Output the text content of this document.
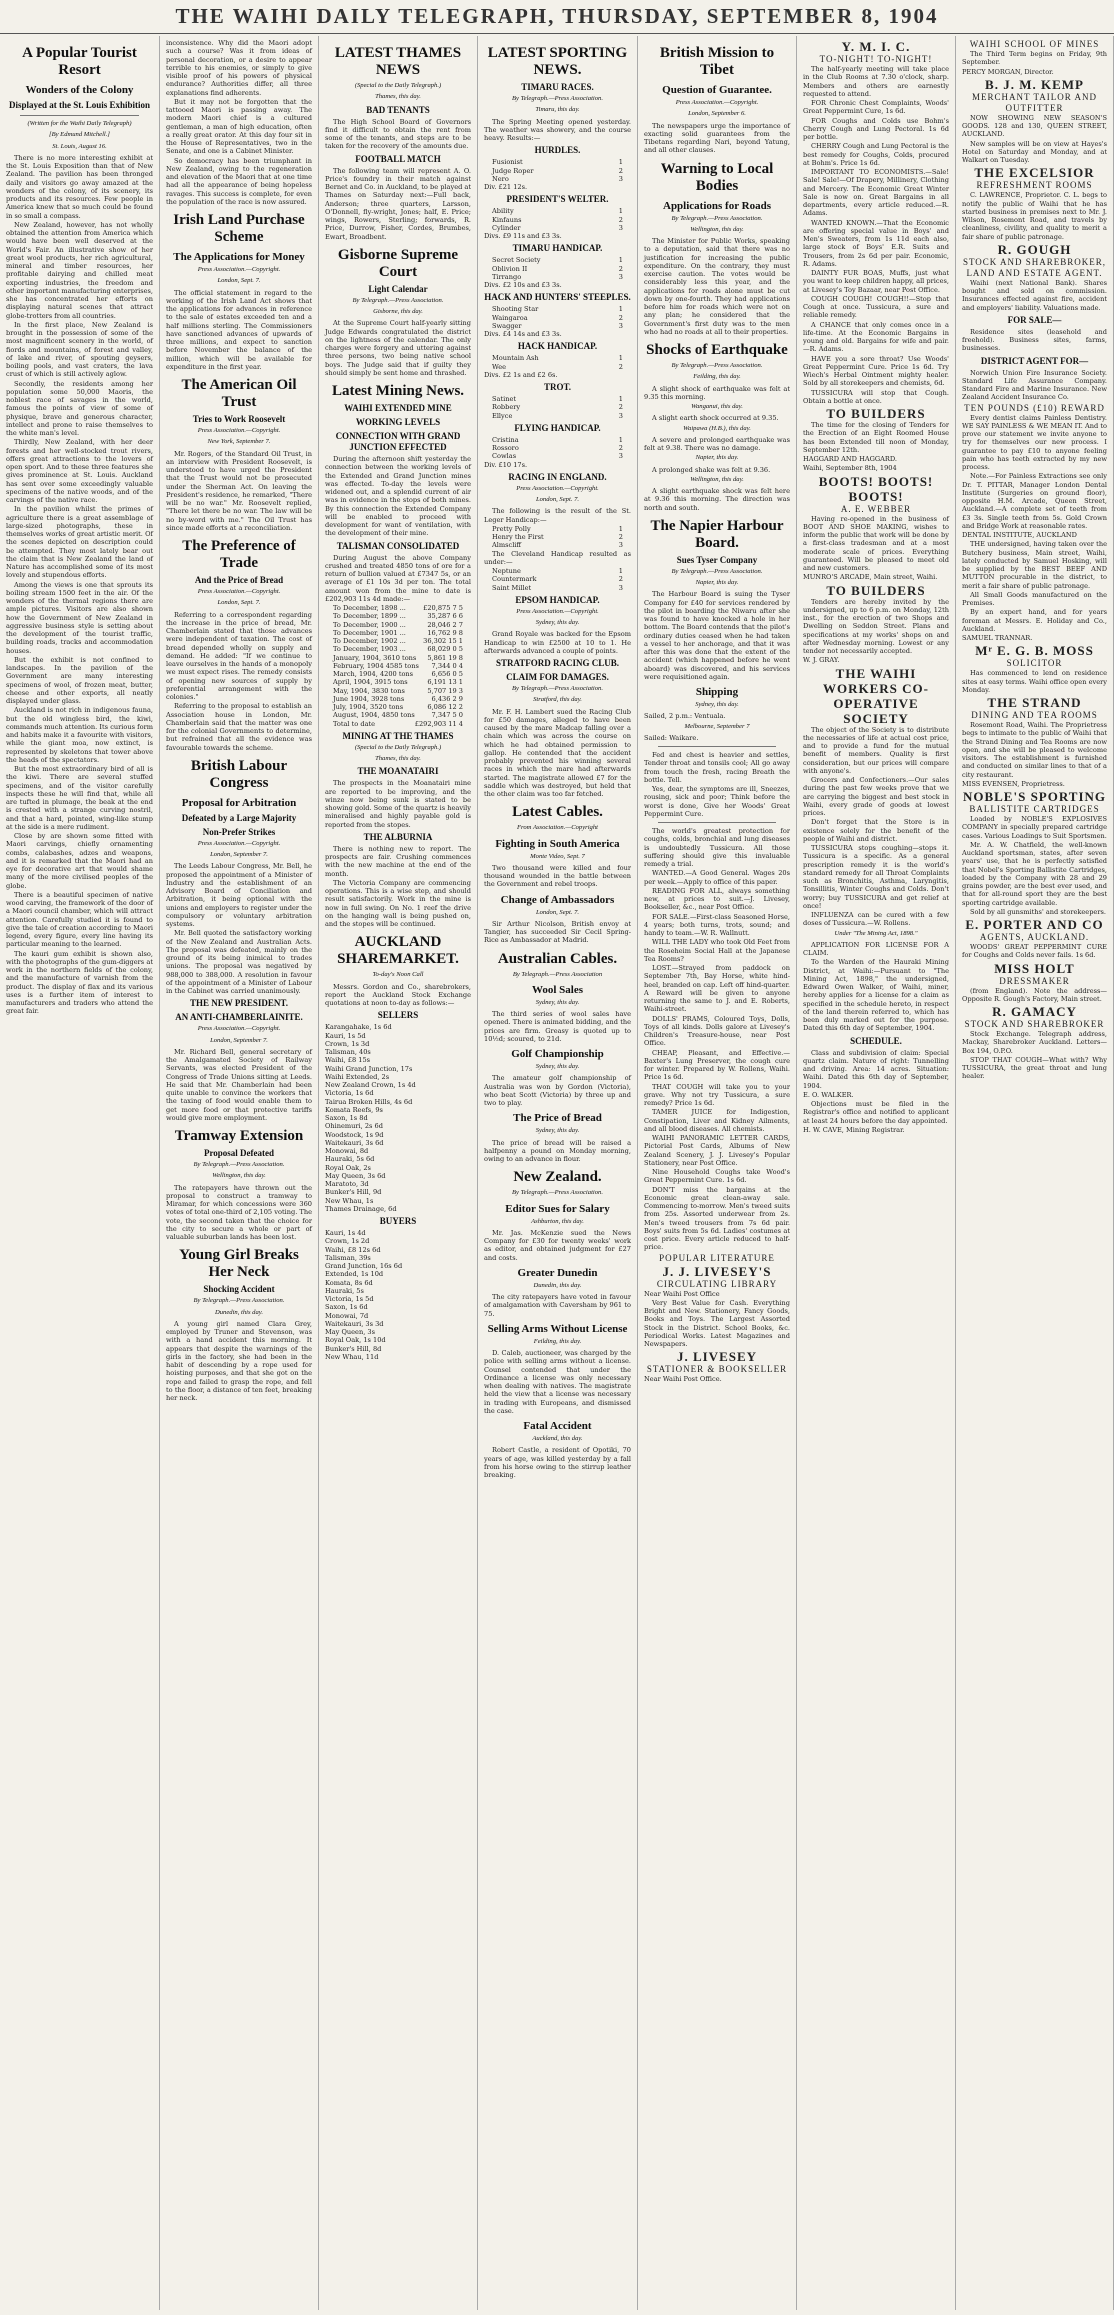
THE WAIHI DAILY TELEGRAPH, THURSDAY, SEPTEMBER 8, 1904
A Popular Tourist Resort
Wonders of the Colony
Displayed at the St. Louis Exhibition
(Written for the Waihi Daily Telegraph)
[By Edmund Mitchell.]
St. Louis, August 16.
There is no more interesting exhibit at the St. Louis Exposition than that of New Zealand. The pavilion has been thronged daily and visitors go away amazed at the wonders of the colony, of its scenery, its products and its resources. Few people in America knew that so much could be found in so small a compass.
New Zealand, however, has not wholly obtained the attention from America which would have been well deserved at the World's Fair. An illustrative show of her great wool products, her rich agricultural, mineral and timber resources, her profitable dairying and chilled meat exporting industries, the freedom and other important manufacturing enterprises, she has concentrated her efforts on displaying natural scenes that attract globe-trotters from all countries.
In the first place, New Zealand is brought in the possession of some of the most magnificent scenery in the world, of fiords and mountains, of forest and valley, of lake and river, of spouting geysers, boiling pools, and vast craters, the lava crust of which is still actively aglow.
Secondly, the residents among her population some 50,000 Maoris, the noblest race of savages in the world, famous the points of view of some of physique, brave and generous character, intellect and prone to raise themselves to the white man's level.
Thirdly, New Zealand, with her deer forests and her well-stocked trout rivers, offers great attractions to the lovers of open sport. And to these three features she gives prominence at St. Louis. Auckland has sent over some exceedingly valuable specimens of the native woods, and of the carvings of the native race.
In the pavilion whilst the primes of agriculture there is a great assemblage of large-sized photographs, these in themselves works of great artistic merit. Of the scenes depicted on description could be attempted. They most lately bear out the claim that is New Zealand the land of Nature has accomplished some of its most lovely and stupendous efforts.
Among the views is one that sprouts its boiling stream 1500 feet in the air. Of the wonders of the thermal regions there are ample pictures. Visitors are also shown how the Government of New Zealand in aggressive business style is setting about the development of the tourist traffic, building roads, tracks and accommodation houses.
But the exhibit is not confined to landscapes. In the pavilion of the Government are many interesting specimens of wool, of frozen meat, butter, cheese and other exports, all neatly displayed under glass.
Auckland is not rich in indigenous fauna, but the old wingless bird, the kiwi, commands much attention. Its curious form and habits make it a favourite with visitors, while the giant moa, now extinct, is represented by skeletons that tower above the heads of the spectators.
But the most extraordinary bird of all is the kiwi. There are several stuffed specimens, and of the visitor carefully inspects these he will find that, while all are tufted in plumage, the beak at the end is crested with a strange curving nostril, and that a hard, pointed, wing-like stump at the side is a mere rudiment.
Close by are shown some fitted with Maori carvings, chiefly ornamenting combs, calabashes, adzes and weapons, and it is remarked that the Maori had an eye for decorative art that would shame many of the more civilised peoples of the globe.
There is a beautiful specimen of native wood carving, the framework of the door of a Maori council chamber, which will attract attention. Carefully studied it is found to give the tale of creation according to Maori legend, every figure, every line having its particular meaning to the learned.
The kauri gum exhibit is shown also, with the photographs of the gum-diggers at work in the northern fields of the colony, and the manufacture of varnish from the product. The display of flax and its various uses is a further item of interest to manufacturers and traders who attend the great fair.
inconsistence. Why did the Maori adopt such a course? Was it from ideas of personal decoration, or a desire to appear terrible to his enemies, or simply to give visible proof of his powers of physical endurance? Authorities differ, all three explanations find adherents.
But it may not be forgotten that the tattooed Maori is passing away. The modern Maori chief is a cultured gentleman, a man of high education, often a really great orator. At this day four sit in the House of Representatives, two in the Senate, and one is a Cabinet Minister.
So democracy has been triumphant in New Zealand, owing to the regeneration and elevation of the Maori that at one time had all the appearance of being hopeless ravages. This success is complete, for even the population of the race is now assured.
Irish Land Purchase Scheme
The Applications for Money
Press Association.—Copyright.
London, Sept. 7.
The official statement in regard to the working of the Irish Land Act shows that the applications for advances in reference to the sale of estates exceeded ten and a half millions sterling. The Commissioners have sanctioned advances of upwards of three millions, and expect to sanction before November the balance of the million, which will be available for expenditure in the first year.
The American Oil Trust
Tries to Work Roosevelt
Press Association.—Copyright.
New York, September 7.
Mr. Rogers, of the Standard Oil Trust, in an interview with President Roosevelt, is understood to have urged the President that the Trust would not be prosecuted under the Sherman Act. On leaving the President's residence, he remarked, "There will be no war." Mr. Roosevelt replied, "There let there be no war. The law will be no by-word with me." The Oil Trust has since made efforts at a reconciliation.
The Preference of Trade
And the Price of Bread
Press Association.—Copyright.
London, Sept. 7.
Referring to a correspondent regarding the increase in the price of bread, Mr. Chamberlain stated that those advances were independent of taxation. The cost of bread depended wholly on supply and demand. He added: "If we continue to leave ourselves in the hands of a monopoly we must expect rises. The remedy consists of opening new sources of supply by preferential arrangement with the colonies."
Referring to the proposal to establish an Association house in London, Mr. Chamberlain said that the matter was one for the colonial Governments to determine, but refrained that all the evidence was favourable towards the scheme.
British Labour Congress
Proposal for Arbitration
Defeated by a Large Majority
Non-Prefer Strikes
Press Association.—Copyright.
London, September 7.
The Leeds Labour Congress, Mr. Bell, he proposed the appointment of a Minister of Industry and the establishment of an Advisory Board of Conciliation and Arbitration, it being optional with the unions and employers to register under the compulsory or voluntary arbitration systems.
Mr. Bell quoted the satisfactory working of the New Zealand and Australian Acts. The proposal was defeated, mainly on the ground of its being inimical to trades unions. The proposal was negatived by 988,000 to 388,000. A resolution in favour of the appointment of a Minister of Labour in the Cabinet was carried unanimously.
THE NEW PRESIDENT.
AN ANTI-CHAMBERLAINITE.
Press Association.—Copyright.
London, September 7.
Mr. Richard Bell, general secretary of the Amalgamated Society of Railway Servants, was elected President of the Congress of Trade Unions sitting at Leeds. He said that Mr. Chamberlain had been quite unable to convince the workers that the taxing of food would enable them to get more food or that protective tariffs would give more employment.
Tramway Extension
Proposal Defeated
By Telegraph.—Press Association.
Wellington, this day.
The ratepayers have thrown out the proposal to construct a tramway to Miramar, for which concessions were 360 votes of total one-third of 2,105 voting. The vote, the second taken that the choice for the city to secure a whole or part of valuable suburban lands has been lost.
Young Girl Breaks Her Neck
Shocking Accident
By Telegraph.—Press Association.
Dunedin, this day.
A young girl named Clara Grey, employed by Truner and Stevenson, was with a hand accident this morning. It appears that despite the warnings of the girls in the factory, she had been in the habit of descending by a rope used for hoisting purposes, and that she got on the rope and failed to grasp the rope, and fell to the floor, a distance of ten feet, breaking her neck.
LATEST THAMES NEWS
(Special to the Daily Telegraph.)
Thames, this day.
BAD TENANTS
The High School Board of Governors find it difficult to obtain the rent from some of the tenants, and steps are to be taken for the recovery of the amounts due.
FOOTBALL MATCH
The following team will represent A. O. Price's foundry in their match against Bernet and Co. in Auckland, to be played at Thames on Saturday next:—Full back, Anderson; three quarters, Larsson, O'Donnell, fly-wright, Jones; half, E. Price; wings, Rowers, Sterling; forwards, R. Price, Durrow, Fisher, Cordes, Brumbes, Ewart, Broadbent.
Gisborne Supreme Court
Light Calendar
By Telegraph.—Press Association.
Gisborne, this day.
At the Supreme Court half-yearly sitting Judge Edwards congratulated the district on the lightness of the calendar. The only charges were forgery and uttering against three persons, two being native school boys. The Judge said that if guilty they should simply be sent home and thrashed.
Latest Mining News.
WAIHI EXTENDED MINE
WORKING LEVELS
CONNECTION WITH GRAND JUNCTION EFFECTED
During the afternoon shift yesterday the connection between the working levels of the Extended and Grand Junction mines was effected. To-day the levels were widened out, and a splendid current of air was in evidence in the stops of both mines. By this connection the Extended Company will be enabled to proceed with development for want of ventilation, with the development of their mine.
TALISMAN CONSOLIDATED
During August the above Company crushed and treated 4850 tons of ore for a return of bullion valued at £7347 5s, or an average of £1 10s 3d per ton. The total amount won from the mine to date is £202,903 11s 4d made:—
To December, 1898 ...	£20,875 7 5
To December, 1899 ...	35,287 6 6
To December, 1900 ...	28,046 2 7
To December, 1901 ...	16,762 9 8
To December, 1902 ...	36,302 15 1
To December, 1903 ...	68,029 0 5
January, 1904, 3610 tons 5,861 19 8
February, 1904 4585 tons 7,344 0 4
March, 1904, 4200 tons	6,656 0 5
April, 1904, 3915 tons	6,191 13 1
May, 1904, 3830 tons	5,707 19 3
June 1904, 3928 tons	6,436 2 9
July, 1904, 3520 tons	6,086 12 2
August, 1904, 4850 tons	7,347 5 0
Total to date	£292,903 11 4
MINING AT THE THAMES
(Special to the Daily Telegraph.)
Thames, this day.
THE MOANATAIRI
The prospects in the Moanatairi mine are reported to be improving, and the winze now being sunk is stated to be showing gold. Some of the quartz is heavily mineralised and highly payable gold is reported from the stopes.
THE ALBURNIA
There is nothing new to report. The prospects are fair. Crushing commences with the new machine at the end of the month.
The Victoria Company are commencing operations. This is a wise step, and should result satisfactorily. Work in the mine is now in full swing. On No. 1 reef the drive on the hanging wall is being pushed on, and the stopes will be continued.
AUCKLAND SHAREMARKET.
To-day's Noon Call
Messrs. Gordon and Co., sharebrokers, report the Auckland Stock Exchange quotations at noon to-day as follows:—
SELLERS
Karangahake, 1s 6d
Kauri, 1s 5d
Crown, 1s 3d
Talisman, 40s
Waihi, £8 15s
Waihi Grand Junction, 17s
Waihi Extended, 2s
New Zealand Crown, 1s 4d
Victoria, 1s 6d
Tairua Broken Hills, 4s 6d
Komata Reefs, 9s
Saxon, 1s 8d
Ohinemuri, 2s 6d
Woodstock, 1s 9d
Waitekauri, 3s 6d
Monowai, 8d
Hauraki, 5s 6d
Royal Oak, 2s
May Queen, 3s 6d
Maratoto, 3d
Bunker's Hill, 9d
New Whau, 1s
Thames Drainage, 6d
BUYERS
Kauri, 1s 4d
Crown, 1s 2d
Waihi, £8 12s 6d
Talisman, 39s
Grand Junction, 16s 6d
Extended, 1s 10d
Komata, 8s 6d
Hauraki, 5s
Victoria, 1s 5d
Saxon, 1s 6d
Monowai, 7d
Waitekauri, 3s 3d
May Queen, 3s
Royal Oak, 1s 10d
Bunker's Hill, 8d
New Whau, 11d
LATEST SPORTING NEWS.
TIMARU RACES.
By Telegraph.—Press Association.
Timaru, this day.
The Spring Meeting opened yesterday. The weather was showery, and the course heavy. Results:—
HURDLES.
Fusionist	1
Judge Roper	2
Nero	3
Div. £21 12s.
PRESIDENT'S WELTER.
Ability	1
Kinfauns	2
Cylinder	3
Divs. £9 11s and £3 3s.
TIMARU HANDICAP.
Secret Society	1
Oblivion II	2
Tirrango	3
Divs. £2 10s and £3 3s.
HACK AND HUNTERS' STEEPLES.
Shooting Star	1
Waingaroa	2
Swagger	3
Divs. £4 14s and £3 3s.
HACK HANDICAP.
Mountain Ash	1
Wee	2
Divs. £2 1s and £2 6s.
TROT.
Satinet	1
Robbery	2
Ellyce	3
FLYING HANDICAP.
Cristina	1
Rossoro	2
Cowlas	3
Div. £10 17s.
RACING IN ENGLAND.
Press Association.—Copyright.
London, Sept. 7.
The following is the result of the St. Leger Handicap:—
Pretty Polly	1
Henry the First	2
Almscliff	3
The Cleveland Handicap resulted as under:—
Neptune	1
Countermark	2
Saint Millet	3
EPSOM HANDICAP.
Press Association.—Copyright.
Sydney, this day.
Grand Royale was backed for the Epsom Handicap to win £2500 at 10 to 1. He afterwards advanced a couple of points.
STRATFORD RACING CLUB.
CLAIM FOR DAMAGES.
By Telegraph.—Press Association.
Stratford, this day.
Mr. F. H. Lambert sued the Racing Club for £50 damages, alleged to have been caused by the mare Madcap falling over a chain which was across the course on which he had obtained permission to gallop. He contended that the accident probably prevented his winning several races in which the mare had afterwards started. The magistrate allowed £7 for the saddle which was destroyed, but held that the other claim was too far fetched.
Latest Cables.
From Association.—Copyright
Fighting in South America
Monte Video, Sept. 7
Two thousand were killed and four thousand wounded in the battle between the Government and rebel troops.
Change of Ambassadors
London, Sept. 7.
Sir Arthur Nicolson, British envoy at Tangier, has succeeded Sir Cecil Spring-Rice as Ambassador at Madrid.
Australian Cables.
By Telegraph.—Press Association
Wool Sales
Sydney, this day.
The third series of wool sales have opened. There is animated bidding, and the prices are firm. Greasy is quoted up to 10½d; scoured, to 21d.
Golf Championship
Sydney, this day.
The amateur golf championship of Australia was won by Gordon (Victoria), who beat Scott (Victoria) by three up and two to play.
The Price of Bread
Sydney, this day.
The price of bread will be raised a halfpenny a pound on Monday morning, owing to an advance in flour.
New Zealand.
By Telegraph.—Press Association.
Editor Sues for Salary
Ashburton, this day.
Mr. Jas. McKenzie sued the News Company for £30 for twenty weeks' work as editor, and obtained judgment for £27 and costs.
Greater Dunedin
Dunedin, this day.
The city ratepayers have voted in favour of amalgamation with Caversham by 961 to 75.
Selling Arms Without License
Feilding, this day.
D. Caleb, auctioneer, was charged by the police with selling arms without a license. Counsel contended that under the Ordinance a license was only necessary when dealing with natives. The magistrate held the view that a license was necessary in trading with Europeans, and dismissed the case.
Fatal Accident
Auckland, this day.
Robert Castle, a resident of Opotiki, 70 years of age, was killed yesterday by a fall from his horse owing to the stirrup leather breaking.
British Mission to Tibet
Question of Guarantee.
Press Association.—Copyright.
London, September 6.
The newspapers urge the importance of exacting solid guarantees from the Tibetans regarding Nari, beyond Yatung, and all other clauses.
Warning to Local Bodies
Applications for Roads
By Telegraph.—Press Association.
Wellington, this day.
The Minister for Public Works, speaking to a deputation, said that there was no justification for increasing the public expenditure. On the contrary, they must exercise caution. The votes would be considerably less this year, and the applications for roads alone must be cut down by one-fourth. They had applications before him for roads which were not on any plan; he considered that the Government's first duty was to the men who had no roads at all to their properties.
Shocks of Earthquake
By Telegraph.—Press Association.
Feilding, this day.
A slight shock of earthquake was felt at 9.35 this morning.
Wanganui, this day.
A slight earth shock occurred at 9.35.
Waipawa (H.B.), this day.
A severe and prolonged earthquake was felt at 9.38. There was no damage.
Napier, this day.
A prolonged shake was felt at 9.36.
Wellington, this day.
A slight earthquake shock was felt here at 9.36 this morning. The direction was north and south.
The Napier Harbour Board.
Sues Tyser Company
By Telegraph.—Press Association.
Napier, this day.
The Harbour Board is suing the Tyser Company for £40 for services rendered by the pilot in boarding the Niwaru after she was found to have knocked a hole in her bottom. The Board contends that the pilot's ordinary duties ceased when he had taken a vessel to her anchorage, and that it was after this was done that the extent of the accident (which happened before he went aboard) was discovered, and his services were requisitioned again.
Shipping
Sydney, this day.
Sailed, 2 p.m.: Ventuala.
Melbourne, September 7
Sailed: Waikare.
Fed and chest is heavier and settles, Tender throat and tonsils cool; All go away from touch the fresh, racing Breath the bottle. Tell.
Yes, dear, the symptoms are ill, Sneezes, rousing, sick and poor; Think before the worst is done, Give her Woods' Great Peppermint Cure.
The world's greatest protection for coughs, colds, bronchial and lung diseases is undoubtedly Tussicura. All those suffering should give this invaluable remedy a trial.
WANTED.—A Good General. Wages 20s per week.—Apply to office of this paper.
READING FOR ALL, always something new, at prices to suit.—J. Livesey, Bookseller, &c., near Post Office.
FOR SALE.—First-class Seasoned Horse, 4 years; both turns, trots, sound; and handy to team.—W. R. Wallnutt.
WILL THE LADY who took Old Feet from the Roseheim Social Hall at the Japanese Tea Rooms?
LOST.—Strayed from paddock on September 7th, Bay Horse, white hind-heel, branded on cap. Left off hind-quarter. A Reward will be given to anyone returning the same to J. and E. Roberts, Waihi-street.
DOLLS' PRAMS, Coloured Toys, Dolls, Toys of all kinds. Dolls galore at Livesey's Children's Treasure-house, near Post Office.
CHEAP, Pleasant, and Effective.—Baxter's Lung Preserver, the cough cure for winter. Prepared by W. Rollens, Waihi. Price 1s 6d.
THAT COUGH will take you to your grave. Why not try Tussicura, a sure remedy? Price 1s 6d.
TAMER JUICE for Indigestion, Constipation, Liver and Kidney Ailments, and all blood diseases. All chemists.
WAIHI PANORAMIC LETTER CARDS, Pictorial Post Cards, Albums of New Zealand Scenery, J. J. Livesey's Popular Stationery, near Post Office.
Nine Household Coughs take Wood's Great Peppermint Cure. 1s 6d.
DON'T miss the bargains at the Economic great clean-away sale. Commencing to-morrow. Men's tweed suits from 25s. Assorted underwear from 2s. Men's tweed trousers from 7s 6d pair. Boys' suits from 5s 6d. Ladies' costumes at cost price. Every article reduced to half-price.
POPULAR LITERATURE
J. J. LIVESEY'S
CIRCULATING LIBRARY
Near Waihi Post Office
Very Best Value for Cash. Everything Bright and New. Stationery, Fancy Goods, Books and Toys. The Largest Assorted Stock in the District. School Books, &c. Periodical Works. Latest Magazines and Newspapers.
J. LIVESEY
STATIONER & BOOKSELLER
Near Waihi Post Office.
Y. M. I. C.
TO-NIGHT! TO-NIGHT!
The half-yearly meeting will take place in the Club Rooms at 7.30 o'clock, sharp. Members and others are earnestly requested to attend.
FOR Chronic Chest Complaints, Woods' Great Peppermint Cure, 1s 6d.
FOR Coughs and Colds use Bohm's Cherry Cough and Lung Pectoral. 1s 6d per bottle.
CHERRY Cough and Lung Pectoral is the best remedy for Coughs, Colds, procured at Bohm's. Price 1s 6d.
IMPORTANT TO ECONOMISTS.—Sale! Sale! Sale!—Of Drapery, Millinery, Clothing and Mercery. The Economic Great Winter Sale is now on. Great Bargains in all departments, every article reduced.—R. Adams.
WANTED KNOWN.—That the Economic are offering special value in Boys' and Men's Sweaters, from 1s 11d each also, large stock of Boys' E.R. Suits and Trousers, from 2s 6d per pair. Economic, R. Adams.
DAINTY FUR BOAS, Muffs, just what you want to keep children happy, all prices, at Livesey's Toy Bazaar, near Post Office.
COUGH COUGH! COUGH!!—Stop that Cough at once. Tussicura, a sure and reliable remedy.
A CHANCE that only comes once in a life-time. At the Economic Bargains in young and old. Bargains for wife and pair.—R. Adams.
HAVE you a sore throat? Use Woods' Great Peppermint Cure. Price 1s 6d. Try Wiech's Herbal Ointment mighty healer. Sold by all storekeepers and chemists, 6d.
TUSSICURA will stop that Cough. Obtain a bottle at once.
TO BUILDERS
The time for the closing of Tenders for the Erection of an Eight Roomed House has been Extended till noon of Monday, September 12th.
HAGGARD AND HAGGARD.
Waihi, September 8th, 1904
BOOTS! BOOTS! BOOTS!
A. E. WEBBER
Having re-opened in the business of BOOT AND SHOE MAKING, wishes to inform the public that work will be done by a first-class tradesman and at a most moderate scale of prices. Everything guaranteed. Will be pleased to meet old and new customers.
MUNRO'S ARCADE, Main street, Waihi.
TO BUILDERS
Tenders are hereby invited by the undersigned, up to 6 p.m. on Monday, 12th inst., for the erection of two Shops and Dwelling on Seddon Street. Plans and specifications at my works' shops on and after Wednesday morning. Lowest or any tender not necessarily accepted.
W. J. GRAY.
THE WAIHI WORKERS CO-OPERATIVE SOCIETY
The object of the Society is to distribute the necessaries of life at actual cost price, and to provide a fund for the mutual benefit of members. Quality is first consideration, but our prices will compare with anyone's.
Grocers and Confectioners.—Our sales during the past few weeks prove that we are carrying the biggest and best stock in Waihi, every grade of goods at lowest prices.
Don't forget that the Store is in existence solely for the benefit of the people of Waihi and district.
TUSSICURA stops coughing—stops it. Tussicura is a specific. As a general prescription remedy it is the world's standard remedy for all Throat Complaints such as Bronchitis, Asthma, Laryngitis, Tonsillitis, Winter Coughs and Colds. Don't worry; buy TUSSICURA and get relief at once!
INFLUENZA can be cured with a few doses of Tussicura.—W. Rollens.
Under "The Mining Act, 1898."
APPLICATION FOR LICENSE FOR A CLAIM.
To the Warden of the Hauraki Mining District, at Waihi:—Pursuant to "The Mining Act, 1898," the undersigned, Edward Owen Walker, of Waihi, miner, hereby applies for a license for a claim as specified in the schedule hereto, in respect of the land therein referred to, which has been duly marked out for the purpose. Dated this 6th day of September, 1904.
SCHEDULE.
Class and subdivision of claim: Special quartz claim. Nature of right: Tunnelling and driving. Area: 14 acres. Situation: Waihi. Dated this 6th day of September, 1904.
E. O. WALKER.
Objections must be filed in the Registrar's office and notified to applicant at least 24 hours before the day appointed.
H. W. CAVE, Mining Registrar.
WAIHI SCHOOL OF MINES
The Third Term begins on Friday, 9th September.
PERCY MORGAN, Director.
B. J. M. KEMP
MERCHANT TAILOR AND OUTFITTER
NOW SHOWING NEW SEASON'S GOODS. 128 and 130, QUEEN STREET, AUCKLAND.
New samples will be on view at Hayes's Hotel on Saturday and Monday, and at Walkart on Tuesday.
THE EXCELSIOR
REFRESHMENT ROOMS
C. LAWRENCE, Proprietor. C. L. begs to notify the public of Waihi that he has started business in premises next to Mr. J. Wilson, Rosemont Road, and travels by cleanliness, civility, and quality to merit a fair share of public patronage.
R. GOUGH
STOCK AND SHAREBROKER, LAND AND ESTATE AGENT.
Waihi (next National Bank). Shares bought and sold on commission. Insurances effected against fire, accident and employers' liability. Valuations made.
FOR SALE—
Residence sites (leasehold and freehold). Business sites, farms, businesses.
DISTRICT AGENT FOR—
Norwich Union Fire Insurance Society. Standard Life Assurance Company. Standard Fire and Marine Insurance. New Zealand Accident Insurance Co.
TEN POUNDS (£10) REWARD
Every dentist claims Painless Dentistry. WE SAY PAINLESS & WE MEAN IT. And to prove our statement we invite anyone to try for themselves our new process. I guarantee to pay £10 to anyone feeling pain who has teeth extracted by my new process.
Note.—For Painless Extractions see only Dr. T. PITTAR, Manager London Dental Institute (Surgeries on ground floor), opposite H.M. Arcade, Queen Street, Auckland.—A complete set of teeth from £3 3s. Single teeth from 5s. Gold Crown and Bridge Work at reasonable rates.
DENTAL INSTITUTE, AUCKLAND
THE undersigned, having taken over the Butchery business, Main street, Waihi, lately conducted by Samuel Hosking, will be supplied by the BEST BEEF AND MUTTON procurable in the district, to merit a fair share of public patronage.
All Small Goods manufactured on the Premises.
By an expert hand, and for years foreman at Messrs. E. Holiday and Co., Auckland.
SAMUEL TRANNAR.
Mʳ E. G. B. MOSS
SOLICITOR
Has commenced to lend on residence sites at easy terms. Waihi office open every Monday.
THE STRAND
DINING AND TEA ROOMS
Rosemont Road, Waihi. The Proprietress begs to intimate to the public of Waihi that the Strand Dining and Tea Rooms are now open, and she will be pleased to welcome visitors. The establishment is furnished and conducted on similar lines to that of a city restaurant.
MISS EVENSEN, Proprietress.
NOBLE'S SPORTING
BALLISTITE CARTRIDGES
Loaded by NOBLE'S EXPLOSIVES COMPANY in specially prepared cartridge cases. Various Loadings to Suit Sportsmen.
Mr. A. W. Chatfield, the well-known Auckland sportsman, states, after seven years' use, that he is perfectly satisfied that Nobel's Sporting Ballistite Cartridges, loaded by the Company with 28 and 29 grains powder, are the best ever used, and that for all-round sport they are the best sporting cartridge available.
Sold by all gunsmiths' and storekeepers.
E. PORTER AND CO
AGENTS, AUCKLAND.
WOODS' GREAT PEPPERMINT CURE for Coughs and Colds never fails. 1s 6d.
MISS HOLT
DRESSMAKER
(from England). Note the address—Opposite R. Gough's Factory, Main street.
R. GAMACY
STOCK AND SHAREBROKER
Stock Exchange. Telegraph address, Mackay, Sharebroker Auckland. Letters—Box 194, O.P.O.
STOP THAT COUGH—What with? Why TUSSICURA, the great throat and lung healer.
